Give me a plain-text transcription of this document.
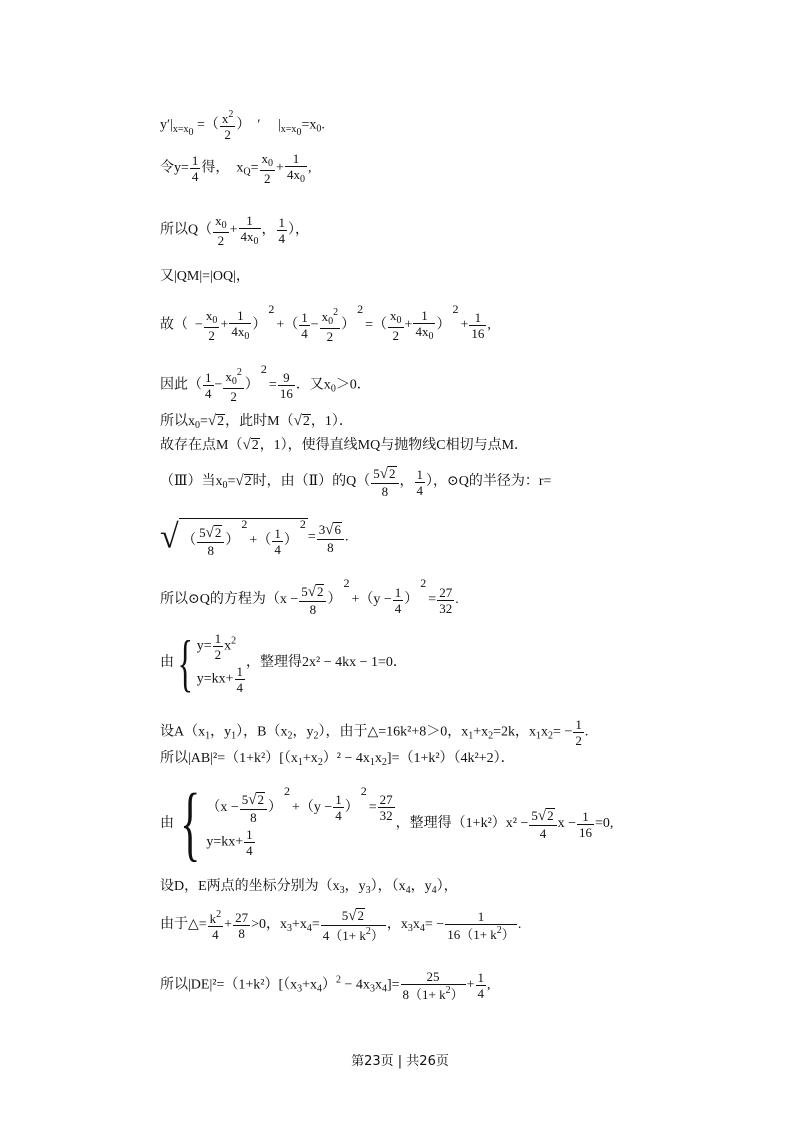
$y'|_{x=x0}$ =（ $\frac{x^2}{2}$ ）  ′     $|_{x=x0}=x_0$.
令$y= \frac{1}{4}$ 得，  $x_Q= \frac{x_0}{2} + \frac{1}{4x_0}$ ,
所以$Q( \frac{x_0}{2} + \frac{1}{4x_0}$ ， $\frac{1}{4}$ ），
又|QM|=|OQ|，
故（  − $\frac{x_0}{2} + \frac{1}{4x_0} )2+( \frac{1}{4} - \frac{x_0^2}{2} )2=( \frac{x_0}{2} + \frac{1}{4x_0} )2+ \frac{1}{16}$ ,
因此（ $\frac{1}{4} - \frac{x_0^2}{2} )2= \frac{9}{16}$ ．又$x_0>0$．
所以$x_0=√2$，此时M（√2，1）．
故存在点M（√2，1），使得直线MQ与抛物线C相切与点M．
（Ⅲ）当$x_0=√2$时，由（Ⅱ）的$Q( \frac{5√2}{8}$ ， $\frac{1}{4}$ ），⊙Q的半径为：r=
√ （ $\frac{5√2}{8} )2+( \frac{1}{4} )2= \frac{3√6}{8}$ .
所以⊙Q的方程为$(x - \frac{5√2}{8} )2+(y - \frac{1}{4} )2= \frac{27}{32}$ .
由{ $y= \frac{1}{2} x^2$
$y=kx+ \frac{1}{4}$
，整理得2x² − 4kx − 1=0．
设$A(x_1$，$y_1$），$B(x_2$，$y_2$），由于△=16k²+8＞0，$x_1+x_2=2k$，$x_1x_2= - \frac{1}{2}$ .
所以$|AB|^2=(1+k^2)[(x_1+x_2)^2 - 4x_1x_2]=(1+k^2)(4k^2+2)$．
由{ $(x - \frac{5√2}{8} )2+(y - \frac{1}{4} )2= \frac{27}{32}$
$y=kx+ \frac{1}{4}$
，整理得$(1+k^2)x^2 - \frac{5√2}{4}$ $x - \frac{1}{16} =0$,
设D，E两点的坐标分别为（$x_3$，$y_3$），（$x_4$，$y_4$），
由于△= $\frac{k^2}{4} + \frac{27}{8} >0$，$x_3+x_4= \frac{5√2}{4(1+ k^2)}$ ，$x_3x_4= - \frac{1}{16(1+ k^2)}$ .
所以$|DE|^2=(1+k^2)[(x_3+x_4)^2 - 4x_3x_4]= \frac{25}{8(1+ k^2)} + \frac{1}{4}$ ,
第23页 | 共26页
